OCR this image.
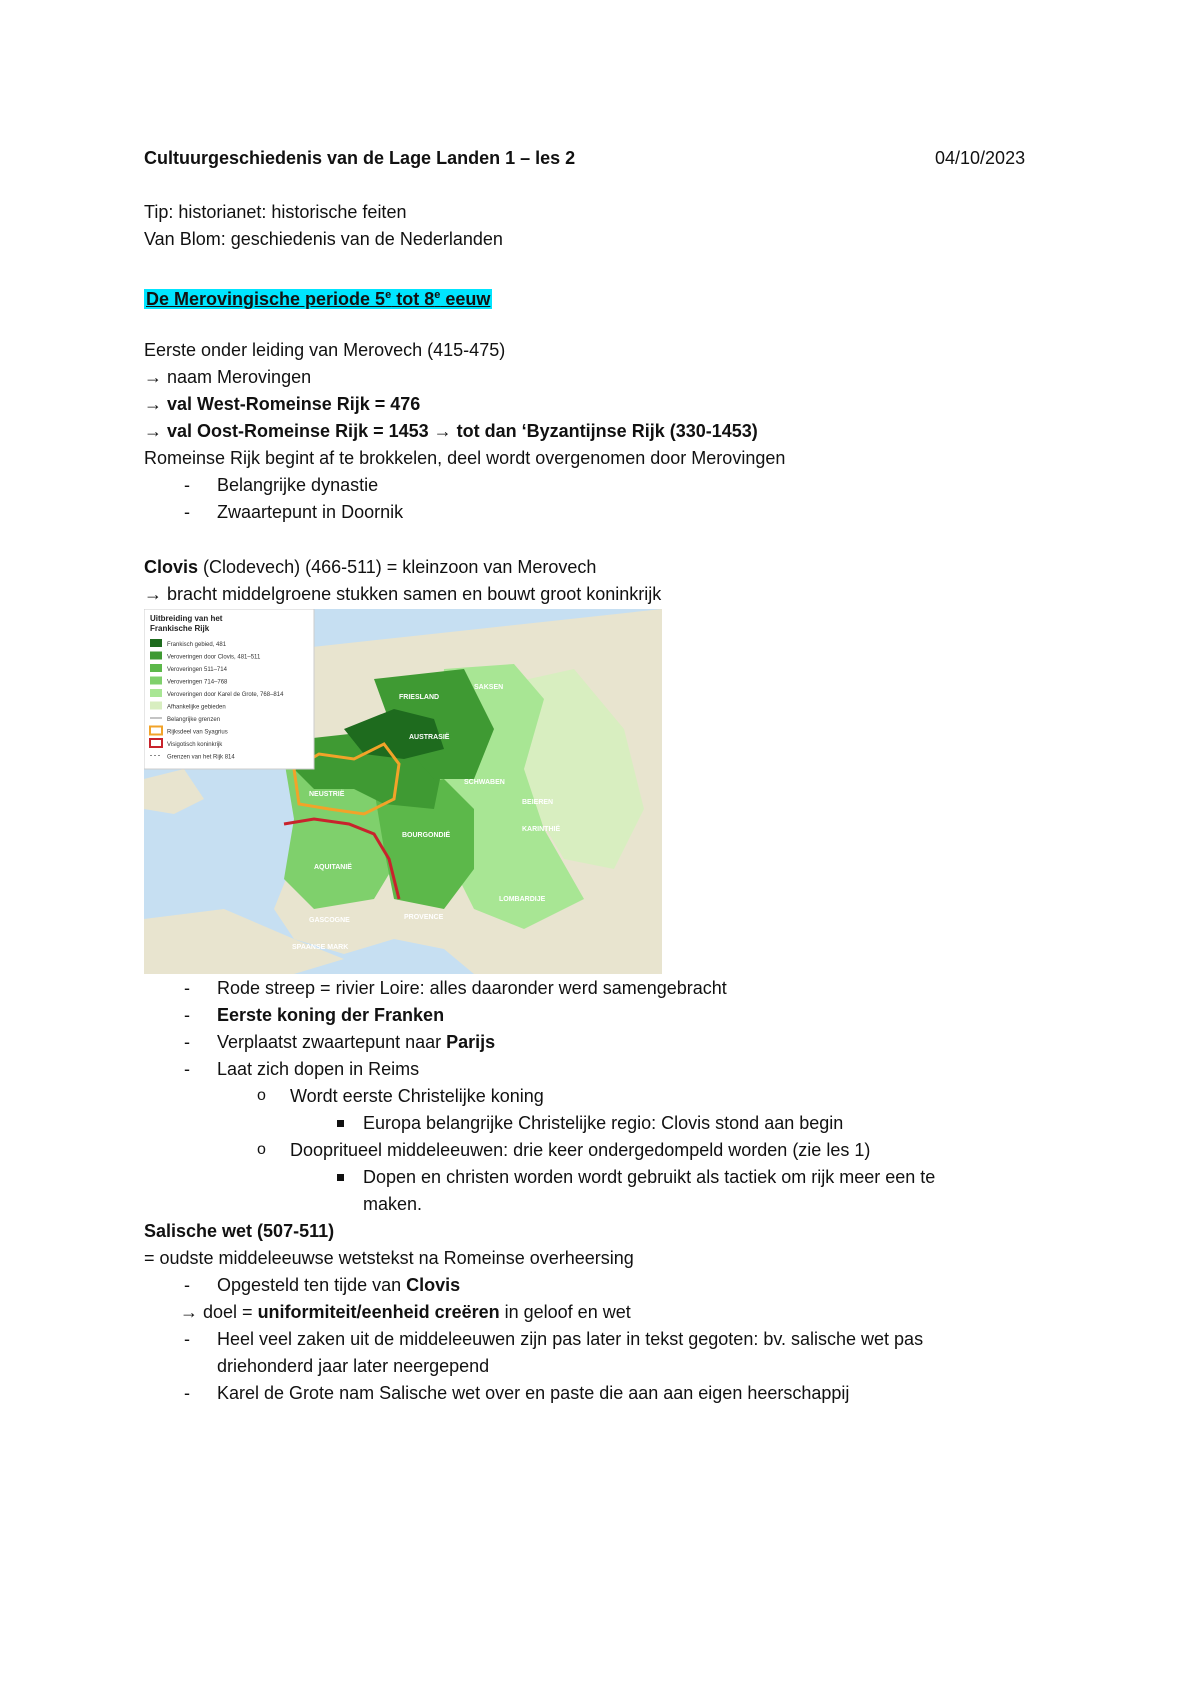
Cultuurgeschiedenis van de Lage Landen 1 – les 2	04/10/2023
Tip: historianet: historische feiten
Van Blom: geschiedenis van de Nederlanden
De Merovingische periode 5e tot 8e eeuw
Eerste onder leiding van Merovech (415-475)
→ naam Merovingen
→ val West-Romeinse Rijk = 476
→ val Oost-Romeinse Rijk = 1453 → tot dan ‘Byzantijnse Rijk (330-1453)
Romeinse Rijk begint af te brokkelen, deel wordt overgenomen door Merovingen
- Belangrijke dynastie
- Zwaartepunt in Doornik
Clovis (Clodevech) (466-511) = kleinzoon van Merovech
→ bracht middelgroene stukken samen en bouwt groot koninkrijk
NEUSTRIË
AUSTRASIË
AQUITANIË
SAKSEN
SCHWABEN
BEIEREN
BOURGONDIË
LOMBARDIJE
GASCOGNE	PROVENCE
KARINTHIË
FRIESLAND
SPAANSE MARK
Uitbreiding van het
Frankische Rijk
Frankisch gebied, 481
Veroveringen door Clovis, 481–511
Veroveringen 511–714
Veroveringen 714–768
Veroveringen door Karel de Grote, 768–814
Afhankelijke gebieden
Belangrijke grenzen
Rijksdeel van Syagrius
Visigotisch koninkrijk
Grenzen van het Rijk 814
- Rode streep = rivier Loire: alles daaronder werd samengebracht
- Eerste koning der Franken
- Verplaatst zwaartepunt naar Parijs
- Laat zich dopen in Reims
o Wordt eerste Christelijke koning
Europa belangrijke Christelijke regio: Clovis stond aan begin
o Doopritueel middeleeuwen: drie keer ondergedompeld worden (zie les 1)
Dopen en christen worden wordt gebruikt als tactiek om rijk meer een te
maken.
Salische wet (507-511)
= oudste middeleeuwse wetstekst na Romeinse overheersing
- Opgesteld ten tijde van Clovis
→ doel = uniformiteit/eenheid creëren in geloof en wet
- Heel veel zaken uit de middeleeuwen zijn pas later in tekst gegoten: bv. salische wet pas
driehonderd jaar later neergepend
- Karel de Grote nam Salische wet over en paste die aan aan eigen heerschappij
